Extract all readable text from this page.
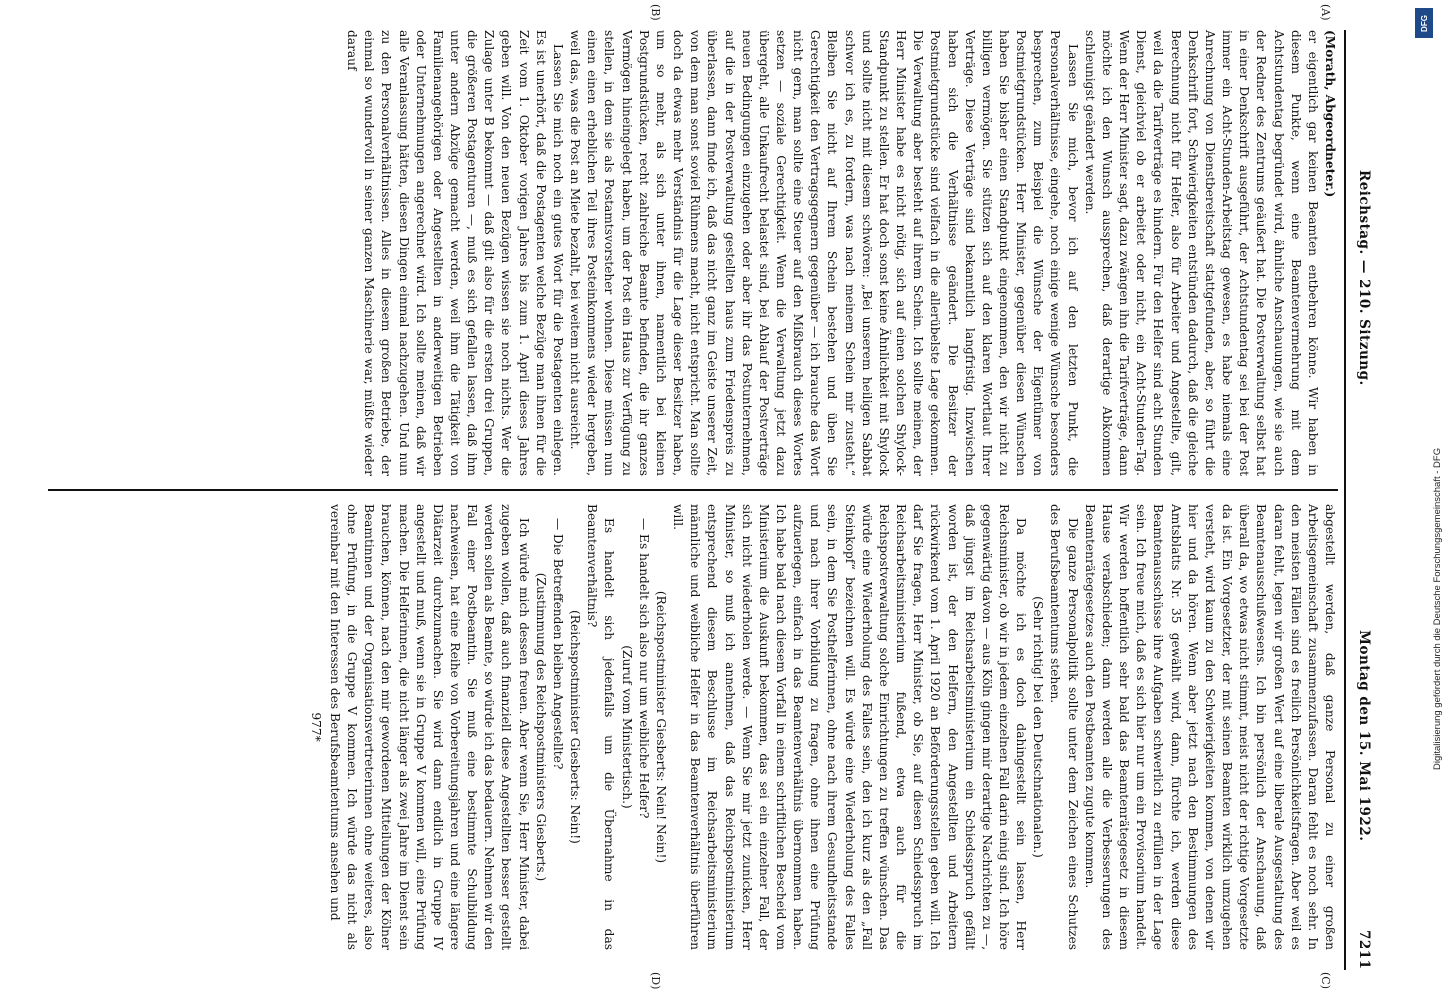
Reichstag. — 210. Sitzung.
Montag den 15. Mai 1922.
7211
(A)
(B)
(C)
(D)

(Morath, Abgeordneter.)

er eigentlich gar keinen Beamten entbehren könne. Wir haben in diesem Punkte, wenn eine Beamtenvermehrung mit dem Achtstundentag begründet wird, ähnliche Anschauungen, wie sie auch der Redner des Zentrums geäußert hat. Die Postverwaltung selbst hat in einer Denkschrift ausgeführt, der Achtstundentag sei bei der Post immer ein Acht-Stunden-Arbeitstag gewesen, es habe niemals eine Anrechnung von Dienstbereitschaft stattgefunden, aber, so führt die Denkschrift fort, Schwierigkeiten entstünden dadurch, daß die gleiche Berechnung nicht für Helfer, also für Arbeiter und Angestellte, gilt, weil da die Tarifverträge es hindern. Für den Helfer sind acht Stunden Dienst, gleichviel ob er arbeitet oder nicht, ein Acht-Stunden-Tag. Wenn der Herr Minister sagt, dazu zwängen ihn die Tarifverträge, dann möchte ich den Wunsch aussprechen, daß derartige Abkommen schleunigst geändert werden.

Lassen Sie mich, bevor ich auf den letzten Punkt, die Personalverhältnisse, eingehe, noch einige wenige Wünsche besonders besprechen, zum Beispiel die Wünsche der Eigentümer von Postmietgrundstücken. Herr Minister, gegenüber diesen Wünschen haben Sie bisher einen Standpunkt eingenommen, den wir nicht zu billigen vermögen. Sie stützen sich auf den klaren Wortlaut Ihrer Verträge. Diese Verträge sind bekanntlich langfristig. Inzwischen haben sich die Verhältnisse geändert. Die Besitzer der Postmietgrundstücke sind vielfach in die allerübelste Lage gekommen. Die Verwaltung aber besteht auf ihrem Schein. Ich sollte meinen, der Herr Minister habe es nicht nötig, sich auf einen solchen Shylock-Standpunkt zu stellen. Er hat doch sonst keine Ähnlichkeit mit Shylock und sollte nicht mit diesem schwören: „Bei unserem heiligen Sabbat schwor ich es, zu fordern, was nach meinem Schein mir zusteht.“ Bleiben Sie nicht auf Ihrem Schein bestehen und üben Sie Gerechtigkeit den Vertragsgegnern gegenüber — ich brauche das Wort nicht gern, man sollte eine Steuer auf den Mißbrauch dieses Wortes setzen — soziale Gerechtigkeit. Wenn die Verwaltung jetzt dazu übergeht, alle Unkaufrecht belastet sind, bei Ablauf der Postverträge neuen Bedingungen einzugehen oder aber ihr das Postunternehmen, auf die in der Postverwaltung gestellten haus zum Friedenspreis zu überlassen, dann finde ich, daß das nicht ganz im Geiste unserer Zeit, von dem man sonst soviel Rühmens macht, nicht entspricht. Man sollte doch da etwas mehr Verständnis für die Lage dieser Besitzer haben, um so mehr, als sich unter ihnen, namentlich bei kleinen Postgrundstücken, recht zahlreiche Beamte befinden, die ihr ganzes Vermögen hineingelegt haben, um der Post ein Haus zur Verfügung zu stellen, in dem sie als Postamtsvorsteher wohnen. Diese müssen nun einen einen erheblichen Teil ihres Posteinkommens wieder hergeben, weil das, was die Post an Miete bezahlt, bei weitem nicht ausreicht.

Lassen Sie mich noch ein gutes Wort für die Postagenten einlegen. Es ist unerhört, daß die Postagenten welche Bezüge man ihnen für die Zeit vom 1. Oktober vorigen Jahres bis zum 1. April dieses Jahres geben will. Von den neuen Bezügen wissen sie noch nichts. Wer die Zulage unter B bekommt — daß gilt also für die ersten drei Gruppen, die größeren Postagenturen —, muß es sich gefallen lassen, daß ihm unter andern Abzüge gemacht werden, weil ihm die Tätigkeit von Familienangehörigen oder Angestellten in anderweitigen Betrieben oder Unternehmungen angerechnet wird. Ich sollte meinen, daß wir alle Veranlassung hätten, diesen Dingen einmal nachzugehen. Und nun zu den Personalverhältnissen. Alles in diesem großen Betriebe, der einmal so wundervoll in seiner ganzen Maschinerie war, müßte wieder darauf

abgestellt werden, daß ganze Personal zu einer großen Arbeitsgemeinschaft zusammenzufassen. Daran fehlt es noch sehr. In den meisten Fällen sind es freilich Persönlichkeitsfragen. Aber weil es daran fehlt, legen wir großen Wert auf eine liberale Ausgestaltung des Beamtenausschußwesens. Ich bin persönlich der Anschauung, daß überall da, wo etwas nicht stimmt, meist nicht der richtige Vorgesetzte da ist. Ein Vorgesetzter, der mit seinen Beamten wirklich umzugehen versteht, wird kaum zu den Schwierigkeiten kommen, von denen wir hier und da hören. Wenn aber jetzt nach den Bestimmungen des Amtsblatts Nr. 35 gewählt wird, dann, fürchte ich, werden diese Beamtenausschüsse ihre Aufgaben schwerlich zu erfüllen in der Lage sein. Ich freue mich, daß es sich hier nur um ein Provisorium handelt. Wir werden hoffentlich sehr bald das Beamtenrätegesetz in diesem Hause verabschieden; dann werden alle die Verbesserungen des Beamtenrätegesetzes auch den Postbeamten zugute kommen.

Die ganze Personalpolitik sollte unter dem Zeichen eines Schutzes des Berufsbeamtentums stehen.

(Sehr richtig! bei den Deutschnationalen.)

Da möchte ich es doch dahingestellt sein lassen, Herr Reichsminister, ob wir in jedem einzelnen Fall darin einig sind. Ich höre gegenwärtig davon — aus Köln gingen mir derartige Nachrichten zu —, daß jüngst im Reichsarbeitsministerium ein Schiedsspruch gefällt worden ist, der den Helfern, den Angestellten und Arbeitern rückwirkend vom 1. April 1920 an Beförderungsstellen geben will. Ich darf Sie fragen, Herr Minister, ob Sie, auf diesen Schiedsspruch im Reichsarbeitsministerium fußend, etwa auch für die Reichspostverwaltung solche Einrichtungen zu treffen wünschen. Das würde eine Wiederholung des Falles sein, den ich kurz als den „Fall Steinkopf“ bezeichnen will. Es würde eine Wiederholung des Falles sein, in dem Sie Posthelferinnen, ohne nach ihrem Gesundheitsstande und nach ihrer Vorbildung zu fragen, ohne ihnen eine Prüfung aufzuerlegen, einfach in das Beamtenverhältnis übernommen haben. Ich habe bald nach diesem Vorfall in einem schriftlichen Bescheid vom Ministerium die Auskunft bekommen, das sei ein einzelner Fall, der sich nicht wiederholen werde. — Wenn Sie mir jetzt zunicken, Herr Minister, so muß ich annehmen, daß das Reichspostministerium entsprechend diesem Beschlusse im Reichsarbeitsministerium männliche und weibliche Helfer in das Beamtenverhältnis überführen will.

(Reichspostminister Giesberts: Nein! Nein!)

— Es handelt sich also nur um weibliche Helfer?

(Zuruf vom Ministertisch.)

Es handelt sich jedenfalls um die Übernahme in das Beamtenverhältnis?

(Reichspostminister Giesberts: Nein!)

— Die Betreffenden bleiben Angestellte?

(Zustimmung des Reichspostministers Giesberts.)

Ich würde mich dessen freuen. Aber wenn Sie, Herr Minister, dabei zugeben wollen, daß auch finanziell diese Angestellten besser gestellt werden sollen als Beamte, so würde ich das bedauern. Nehmen wir den Fall einer Postbeamtin. Sie muß eine bestimmte Schulbildung nachweisen, hat eine Reihe von Vorbereitungsjahren und eine längere Diätarzeit durchzumachen. Sie wird dann endlich in Gruppe IV angestellt und muß, wenn sie in Gruppe V kommen will, eine Prüfung machen. Die Helferinnen, die nicht länger als zwei Jahre im Dienst sein brauchen, können, nach den mir gewordenen Mitteilungen der Kölner Beamtinnen und der Organisationsvertreterinnen ohne weiteres, also ohne Prüfung, in die Gruppe V kommen. Ich würde das nicht als vereinbar mit den Interessen des Berufsbeamtentums ansehen und

977*

DFG
Digitalisierung gefördert durch die Deutsche Forschungsgemeinschaft - DFG
